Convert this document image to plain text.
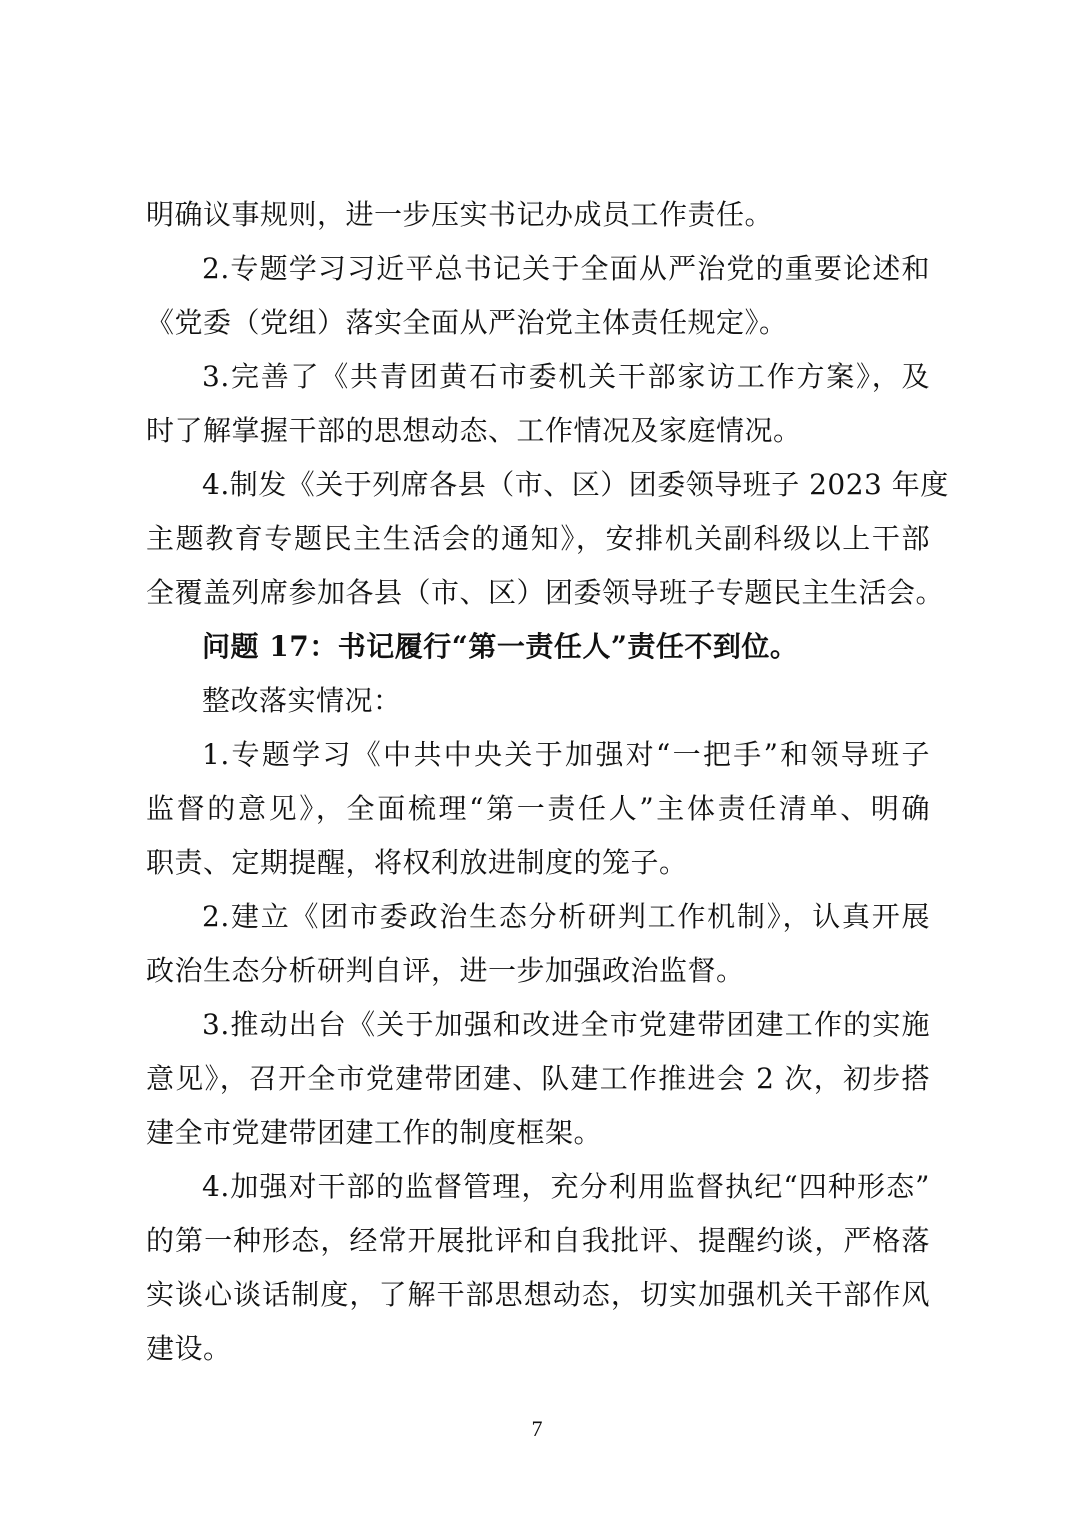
明确议事规则，进一步压实书记办成员工作责任。
2.专题学习习近平总书记关于全面从严治党的重要论述和
《党委（党组）落实全面从严治党主体责任规定》。
3.完善了《共青团黄石市委机关干部家访工作方案》，及
时了解掌握干部的思想动态、工作情况及家庭情况。
4.制发《关于列席各县（市、区）团委领导班子 2023 年度
主题教育专题民主生活会的通知》，安排机关副科级以上干部
全覆盖列席参加各县（市、区）团委领导班子专题民主生活会。
问题 17：书记履行“第一责任人”责任不到位。
整改落实情况：
1.专题学习《中共中央关于加强对“一把手”和领导班子
监督的意见》，全面梳理“第一责任人”主体责任清单、明确
职责、定期提醒，将权利放进制度的笼子。
2.建立《团市委政治生态分析研判工作机制》，认真开展
政治生态分析研判自评，进一步加强政治监督。
3.推动出台《关于加强和改进全市党建带团建工作的实施
意见》，召开全市党建带团建、队建工作推进会 2 次，初步搭
建全市党建带团建工作的制度框架。
4.加强对干部的监督管理，充分利用监督执纪“四种形态”
的第一种形态，经常开展批评和自我批评、提醒约谈，严格落
实谈心谈话制度，了解干部思想动态，切实加强机关干部作风
建设。
7
